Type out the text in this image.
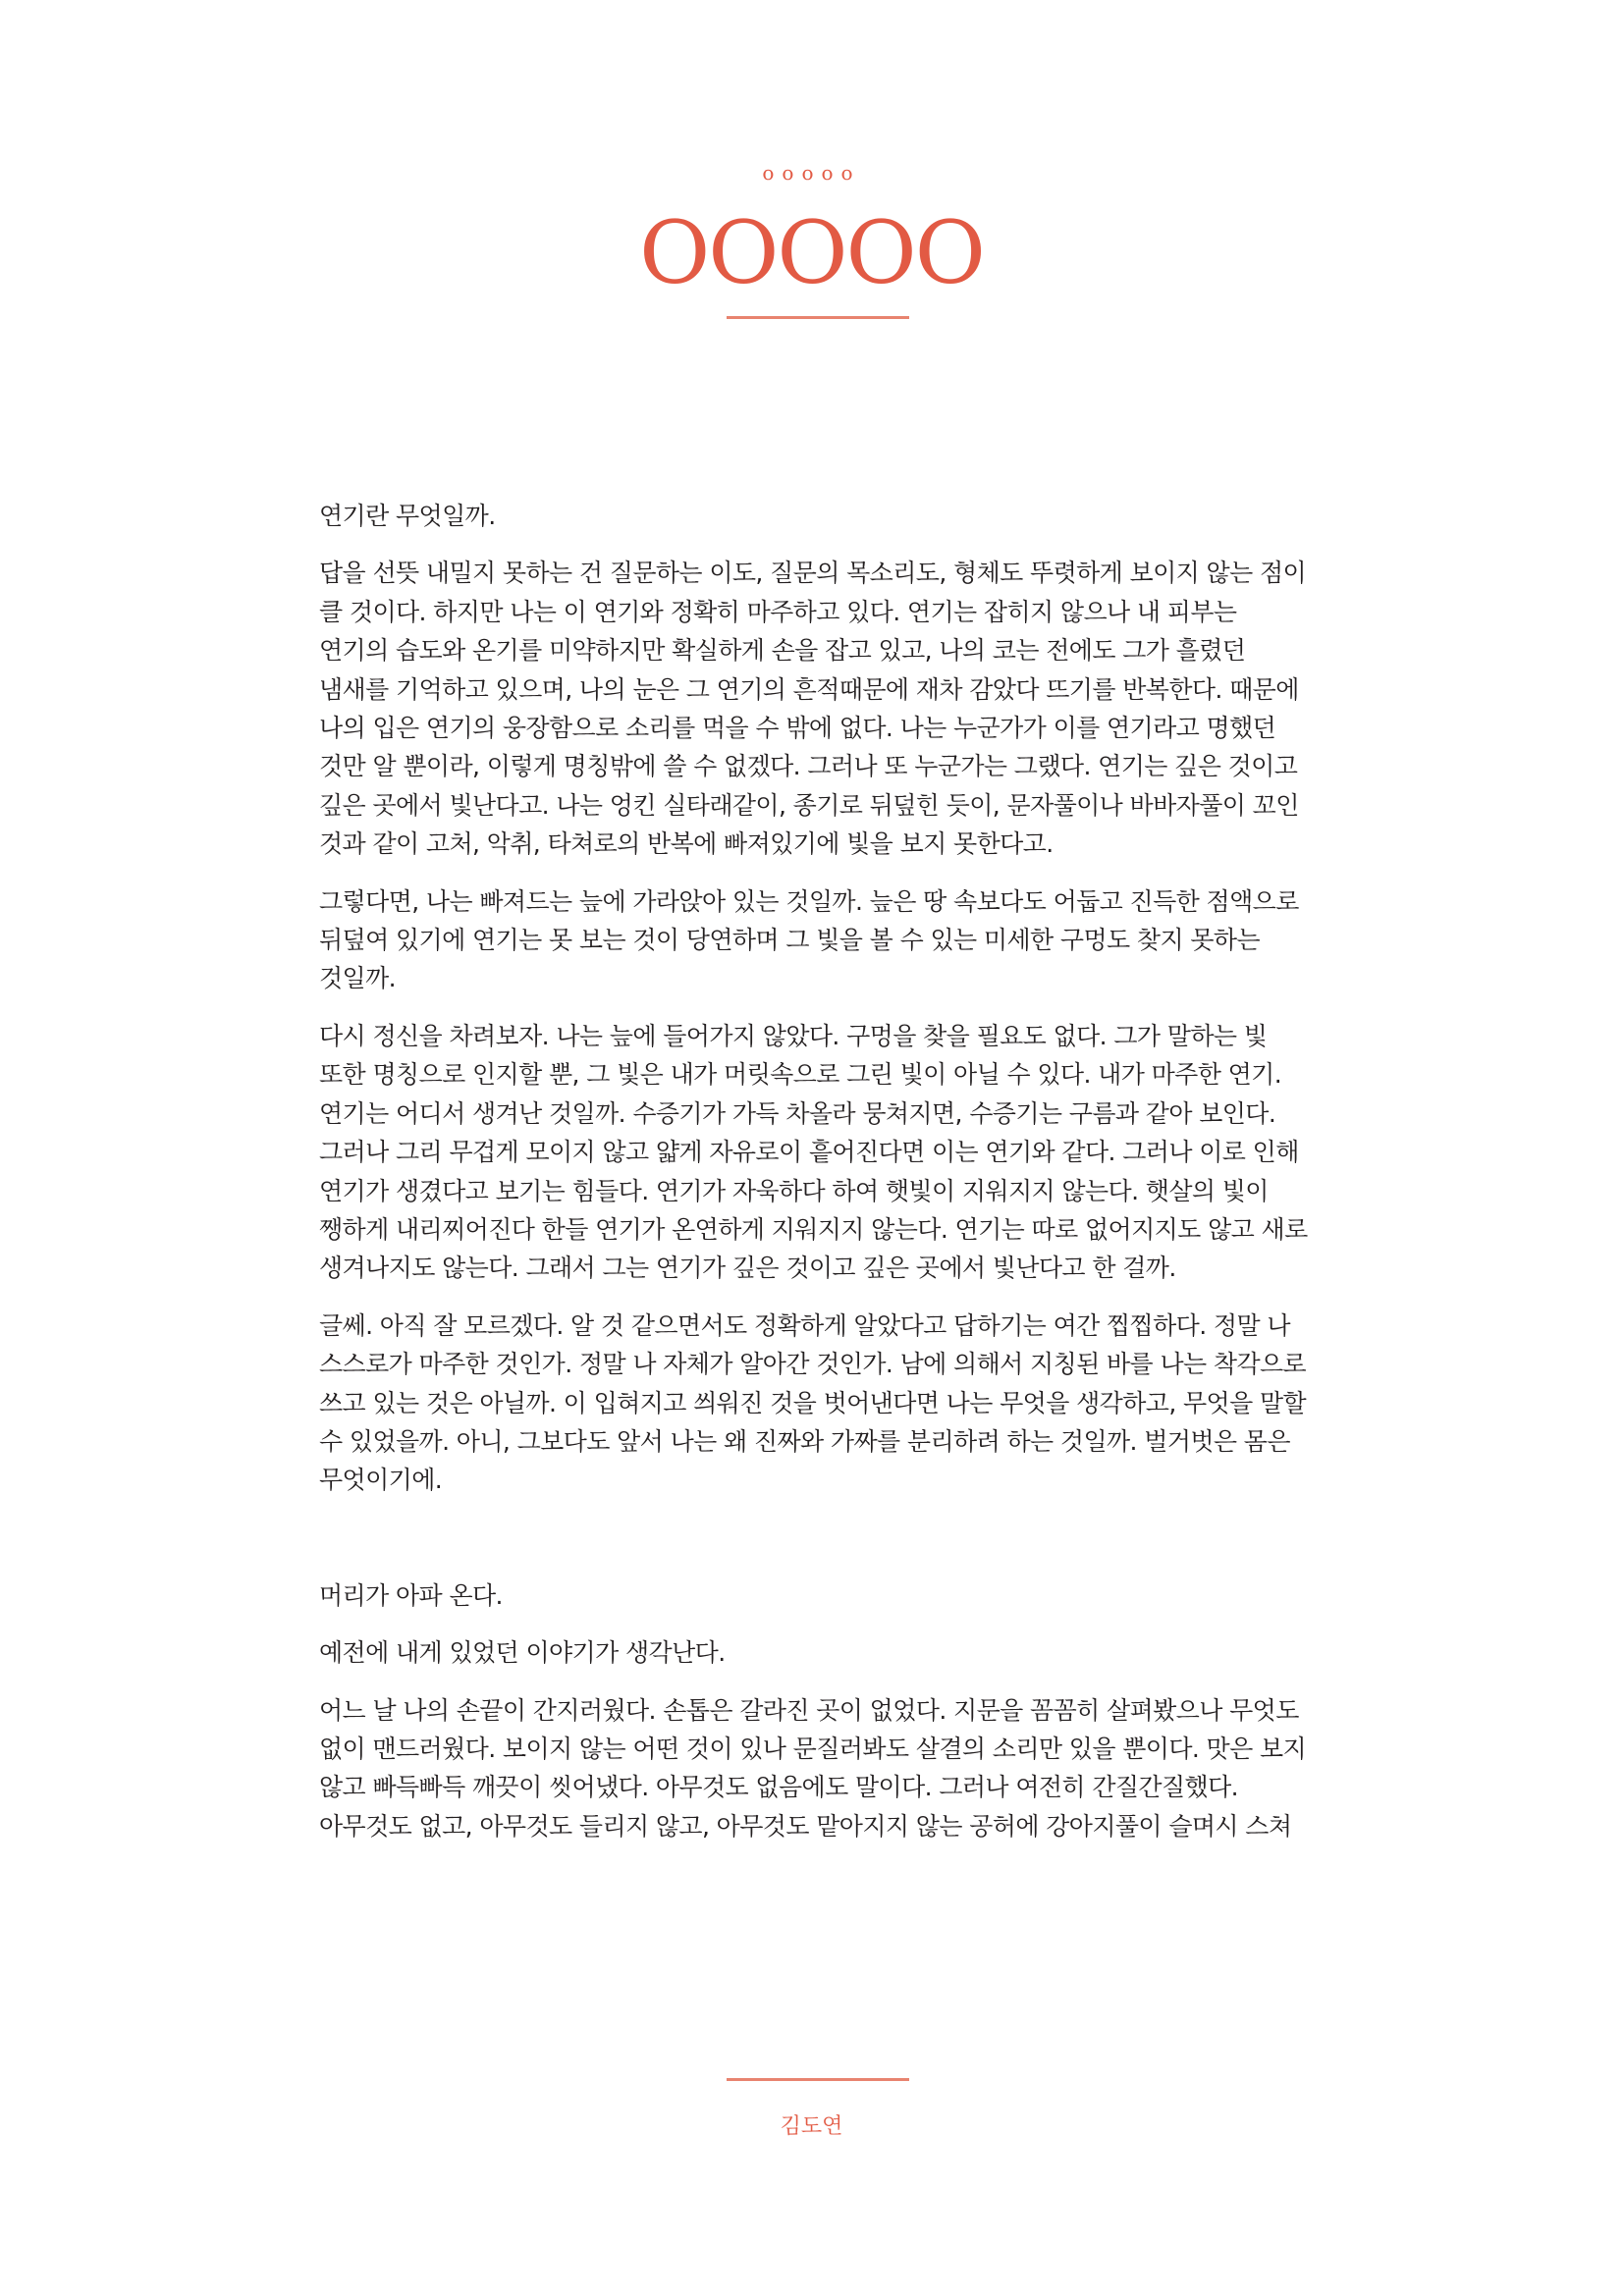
ooooo
OOOOO

연기란 무엇일까.

답을 선뜻 내밀지 못하는 건 질문하는 이도, 질문의 목소리도, 형체도 뚜렷하게 보이지 않는 점이 클 것이다. 하지만 나는 이 연기와 정확히 마주하고 있다. 연기는 잡히지 않으나 내 피부는 연기의 습도와 온기를 미약하지만 확실하게 손을 잡고 있고, 나의 코는 전에도 그가 흘렸던 냄새를 기억하고 있으며, 나의 눈은 그 연기의 흔적때문에 재차 감았다 뜨기를 반복한다. 때문에 나의 입은 연기의 웅장함으로 소리를 먹을 수 밖에 없다. 나는 누군가가 이를 연기라고 명했던 것만 알 뿐이라, 이렇게 명칭밖에 쓸 수 없겠다. 그러나 또 누군가는 그랬다. 연기는 깊은 것이고 깊은 곳에서 빛난다고. 나는 엉킨 실타래같이, 종기로 뒤덮힌 듯이, 문자풀이나 바바자풀이 꼬인 것과 같이 고처, 악취, 타쳐로의 반복에 빠져있기에 빛을 보지 못한다고.

그렇다면, 나는 빠져드는 늪에 가라앉아 있는 것일까. 늪은 땅 속보다도 어둡고 진득한 점액으로 뒤덮여 있기에 연기는 못 보는 것이 당연하며 그 빛을 볼 수 있는 미세한 구멍도 찾지 못하는 것일까.

다시 정신을 차려보자. 나는 늪에 들어가지 않았다. 구멍을 찾을 필요도 없다. 그가 말하는 빛 또한 명칭으로 인지할 뿐, 그 빛은 내가 머릿속으로 그린 빛이 아닐 수 있다. 내가 마주한 연기. 연기는 어디서 생겨난 것일까. 수증기가 가득 차올라 뭉쳐지면, 수증기는 구름과 같아 보인다. 그러나 그리 무겁게 모이지 않고 얇게 자유로이 흩어진다면 이는 연기와 같다. 그러나 이로 인해 연기가 생겼다고 보기는 힘들다. 연기가 자욱하다 하여 햇빛이 지워지지 않는다. 햇살의 빛이 쨍하게 내리찌어진다 한들 연기가 온연하게 지워지지 않는다. 연기는 따로 없어지지도 않고 새로 생겨나지도 않는다. 그래서 그는 연기가 깊은 것이고 깊은 곳에서 빛난다고 한 걸까.

글쎄. 아직 잘 모르겠다. 알 것 같으면서도 정확하게 알았다고 답하기는 여간 찝찝하다. 정말 나 스스로가 마주한 것인가. 정말 나 자체가 알아간 것인가. 남에 의해서 지칭된 바를 나는 착각으로 쓰고 있는 것은 아닐까. 이 입혀지고 씌워진 것을 벗어낸다면 나는 무엇을 생각하고, 무엇을 말할 수 있었을까. 아니, 그보다도 앞서 나는 왜 진짜와 가짜를 분리하려 하는 것일까. 벌거벗은 몸은 무엇이기에.

머리가 아파 온다.

예전에 내게 있었던 이야기가 생각난다.

어느 날 나의 손끝이 간지러웠다. 손톱은 갈라진 곳이 없었다. 지문을 꼼꼼히 살펴봤으나 무엇도 없이 맨드러웠다. 보이지 않는 어떤 것이 있나 문질러봐도 살결의 소리만 있을 뿐이다. 맛은 보지 않고 빠득빠득 깨끗이 씻어냈다. 아무것도 없음에도 말이다. 그러나 여전히 간질간질했다. 아무것도 없고, 아무것도 들리지 않고, 아무것도 맡아지지 않는 공허에 강아지풀이 슬며시 스쳐

김도연
